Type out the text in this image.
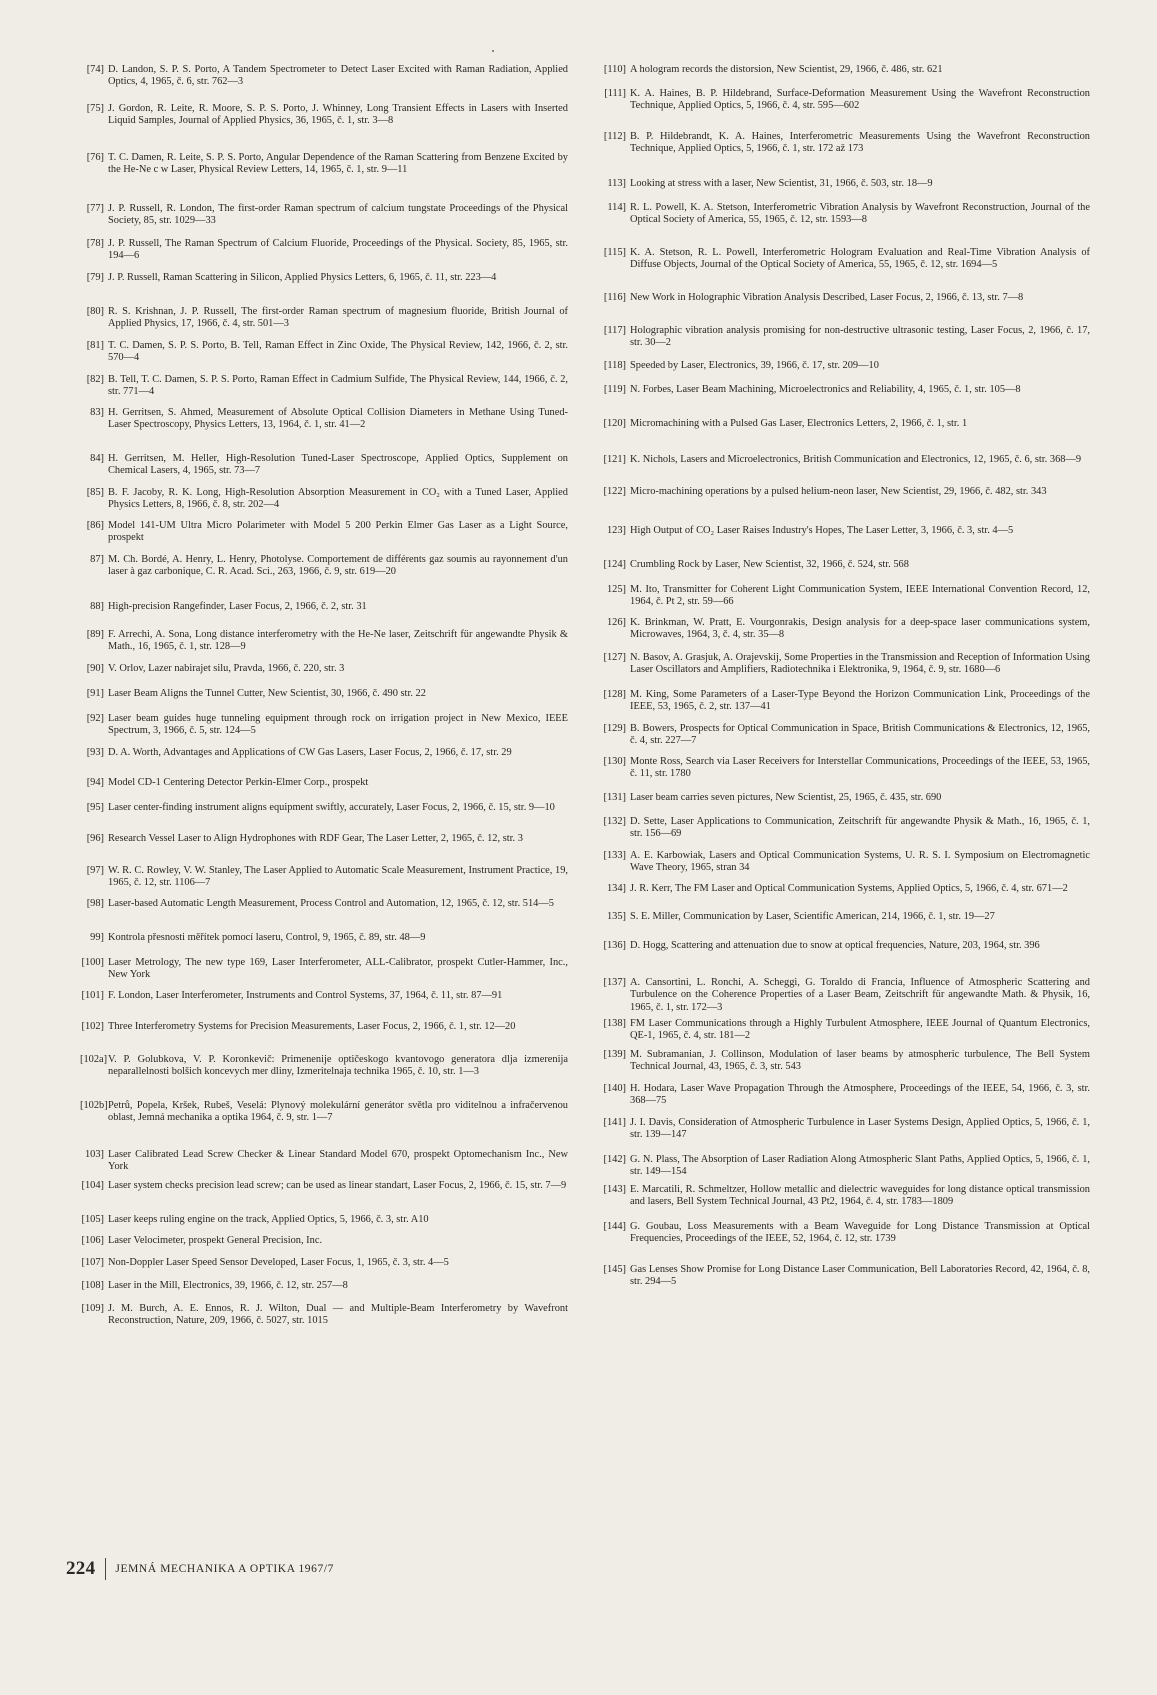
[74] D. Landon, S. P. S. Porto, A Tandem Spectrometer to Detect Laser Excited with Raman Radiation, Applied Optics, 4, 1965, č. 6, str. 762—3
[75] J. Gordon, R. Leite, R. Moore, S. P. S. Porto, J. Whinney, Long Transient Effects in Lasers with Inserted Liquid Samples, Journal of Applied Physics, 36, 1965, č. 1, str. 3—8
[76] T. C. Damen, R. Leite, S. P. S. Porto, Angular Dependence of the Raman Scattering from Benzene Excited by the He-Ne c w Laser, Physical Review Letters, 14, 1965, č. 1, str. 9—11
[77] J. P. Russell, R. London, The first-order Raman spectrum of calcium tungstate Proceedings of the Physical Society, 85, str. 1029—33
[78] J. P. Russell, The Raman Spectrum of Calcium Fluoride, Proceedings of the Physical. Society, 85, 1965, str. 194—6
[79] J. P. Russell, Raman Scattering in Silicon, Applied Physics Letters, 6, 1965, č. 11, str. 223—4
[80] R. S. Krishnan, J. P. Russell, The first-order Raman spectrum of magnesium fluoride, British Journal of Applied Physics, 17, 1966, č. 4, str. 501—3
[81] T. C. Damen, S. P. S. Porto, B. Tell, Raman Effect in Zinc Oxide, The Physical Review, 142, 1966, č. 2, str. 570—4
[82] B. Tell, T. C. Damen, S. P. S. Porto, Raman Effect in Cadmium Sulfide, The Physical Review, 144, 1966, č. 2, str. 771—4
83] H. Gerritsen, S. Ahmed, Measurement of Absolute Optical Collision Diameters in Methane Using Tuned-Laser Spectroscopy, Physics Letters, 13, 1964, č. 1, str. 41—2
84] H. Gerritsen, M. Heller, High-Resolution Tuned-Laser Spectroscope, Applied Optics, Supplement on Chemical Lasers, 4, 1965, str. 73—7
[85] B. F. Jacoby, R. K. Long, High-Resolution Absorption Measurement in CO₂ with a Tuned Laser, Applied Physics Letters, 8, 1966, č. 8, str. 202—4
[86] Model 141-UM Ultra Micro Polarimeter with Model 5 200 Perkin Elmer Gas Laser as a Light Source, prospekt
87] M. Ch. Bordé, A. Henry, L. Henry, Photolyse. Comportement de différents gaz soumis au rayonnement d'un laser à gaz carbonique, C. R. Acad. Sci., 263, 1966, č. 9, str. 619—20
88] High-precision Rangefinder, Laser Focus, 2, 1966, č. 2, str. 31
[89] F. Arrechi, A. Sona, Long distance interferometry with the He-Ne laser, Zeitschrift für angewandte Physik & Math., 16, 1965, č. 1, str. 128—9
[90] V. Orlov, Lazer nabirajet silu, Pravda, 1966, č. 220, str. 3
[91] Laser Beam Aligns the Tunnel Cutter, New Scientist, 30, 1966, č. 490 str. 22
[92] Laser beam guides huge tunneling equipment through rock on irrigation project in New Mexico, IEEE Spectrum, 3, 1966, č. 5, str. 124—5
[93] D. A. Worth, Advantages and Applications of CW Gas Lasers, Laser Focus, 2, 1966, č. 17, str. 29
[94] Model CD-1 Centering Detector Perkin-Elmer Corp., prospekt
[95] Laser center-finding instrument aligns equipment swiftly, accurately, Laser Focus, 2, 1966, č. 15, str. 9—10
[96] Research Vessel Laser to Align Hydrophones with RDF Gear, The Laser Letter, 2, 1965, č. 12, str. 3
[97] W. R. C. Rowley, V. W. Stanley, The Laser Applied to Automatic Scale Measurement, Instrument Practice, 19, 1965, č. 12, str. 1106—7
[98] Laser-based Automatic Length Measurement, Process Control and Automation, 12, 1965, č. 12, str. 514—5
99] Kontrola přesnosti měřítek pomocí laseru, Control, 9, 1965, č. 89, str. 48—9
[100] Laser Metrology, The new type 169, Laser Interferometer, ALL-Calibrator, prospekt Cutler-Hammer, Inc., New York
[101] F. London, Laser Interferometer, Instruments and Control Systems, 37, 1964, č. 11, str. 87—91
[102] Three Interferometry Systems for Precision Measurements, Laser Focus, 2, 1966, č. 1, str. 12—20
[102a] V. P. Golubkova, V. P. Koronkevič: Primenenije optičeskogo kvantovogo generatora dlja izmerenija neparallelnosti bolšich koncevych mer dliny, Izmeritelnaja technika 1965, č. 10, str. 1—3
[102b] Petrů, Popela, Kršek, Rubeš, Veselá: Plynový molekulární generátor světla pro viditelnou a infračervenou oblast, Jemná mechanika a optika 1964, č. 9, str. 1—7
103] Laser Calibrated Lead Screw Checker & Linear Standard Model 670, prospekt Optomechanism Inc., New York
[104] Laser system checks precision lead screw; can be used as linear standart, Laser Focus, 2, 1966, č. 15, str. 7—9
[105] Laser keeps ruling engine on the track, Applied Optics, 5, 1966, č. 3, str. A10
[106] Laser Velocimeter, prospekt General Precision, Inc.
[107] Non-Doppler Laser Speed Sensor Developed, Laser Focus, 1, 1965, č. 3, str. 4—5
[108] Laser in the Mill, Electronics, 39, 1966, č. 12, str. 257—8
[109] J. M. Burch, A. E. Ennos, R. J. Wilton, Dual — and Multiple-Beam Interferometry by Wavefront Reconstruction, Nature, 209, 1966, č. 5027, str. 1015
[110] A hologram records the distorsion, New Scientist, 29, 1966, č. 486, str. 621
[111] K. A. Haines, B. P. Hildebrand, Surface-Deformation Measurement Using the Wavefront Reconstruction Technique, Applied Optics, 5, 1966, č. 4, str. 595—602
[112] B. P. Hildebrandt, K. A. Haines, Interferometric Measurements Using the Wavefront Reconstruction Technique, Applied Optics, 5, 1966, č. 1, str. 172 až 173
113] Looking at stress with a laser, New Scientist, 31, 1966, č. 503, str. 18—9
114] R. L. Powell, K. A. Stetson, Interferometric Vibration Analysis by Wavefront Reconstruction, Journal of the Optical Society of America, 55, 1965, č. 12, str. 1593—8
[115] K. A. Stetson, R. L. Powell, Interferometric Hologram Evaluation and Real-Time Vibration Analysis of Diffuse Objects, Journal of the Optical Society of America, 55, 1965, č. 12, str. 1694—5
[116] New Work in Holographic Vibration Analysis Described, Laser Focus, 2, 1966, č. 13, str. 7—8
[117] Holographic vibration analysis promising for non-destructive ultrasonic testing, Laser Focus, 2, 1966, č. 17, str. 30—2
[118] Speeded by Laser, Electronics, 39, 1966, č. 17, str. 209—10
[119] N. Forbes, Laser Beam Machining, Microelectronics and Reliability, 4, 1965, č. 1, str. 105—8
[120] Micromachining with a Pulsed Gas Laser, Electronics Letters, 2, 1966, č. 1, str. 1
[121] K. Nichols, Lasers and Microelectronics, British Communication and Electronics, 12, 1965, č. 6, str. 368—9
[122] Micro-machining operations by a pulsed helium-neon laser, New Scientist, 29, 1966, č. 482, str. 343
123] High Output of CO₂ Laser Raises Industry's Hopes, The Laser Letter, 3, 1966, č. 3, str. 4—5
[124] Crumbling Rock by Laser, New Scientist, 32, 1966, č. 524, str. 568
125] M. Ito, Transmitter for Coherent Light Communication System, IEEE International Convention Record, 12, 1964, č. Pt 2, str. 59—66
126] K. Brinkman, W. Pratt, E. Vourgonrakis, Design analysis for a deep-space laser communications system, Microwaves, 1964, 3, č. 4, str. 35—8
[127] N. Basov, A. Grasjuk, A. Orajevskij, Some Properties in the Transmission and Reception of Information Using Laser Oscillators and Amplifiers, Radiotechnika i Elektronika, 9, 1964, č. 9, str. 1680—6
[128] M. King, Some Parameters of a Laser-Type Beyond the Horizon Communication Link, Proceedings of the IEEE, 53, 1965, č. 2, str. 137—41
[129] B. Bowers, Prospects for Optical Communication in Space, British Communications & Electronics, 12, 1965, č. 4, str. 227—7
[130] Monte Ross, Search via Laser Receivers for Interstellar Communications, Proceedings of the IEEE, 53, 1965, č. 11, str. 1780
[131] Laser beam carries seven pictures, New Scientist, 25, 1965, č. 435, str. 690
[132] D. Sette, Laser Applications to Communication, Zeitschrift für angewandte Physik & Math., 16, 1965, č. 1, str. 156—69
[133] A. E. Karbowiak, Lasers and Optical Communication Systems, U. R. S. I. Symposium on Electromagnetic Wave Theory, 1965, stran 34
134] J. R. Kerr, The FM Laser and Optical Communication Systems, Applied Optics, 5, 1966, č. 4, str. 671—2
135] S. E. Miller, Communication by Laser, Scientific American, 214, 1966, č. 1, str. 19—27
[136] D. Hogg, Scattering and attenuation due to snow at optical frequencies, Nature, 203, 1964, str. 396
[137] A. Cansortini, L. Ronchi, A. Scheggi, G. Toraldo di Francia, Influence of Atmospheric Scattering and Turbulence on the Coherence Properties of a Laser Beam, Zeitschrift für angewandte Math. & Physik, 16, 1965, č. 1, str. 172—3
[138] FM Laser Communications through a Highly Turbulent Atmosphere, IEEE Journal of Quantum Electronics, QE-1, 1965, č. 4, str. 181—2
[139] M. Subramanian, J. Collinson, Modulation of laser beams by atmospheric turbulence, The Bell System Technical Journal, 43, 1965, č. 3, str. 543
[140] H. Hodara, Laser Wave Propagation Through the Atmosphere, Proceedings of the IEEE, 54, 1966, č. 3, str. 368—75
[141] J. I. Davis, Consideration of Atmospheric Turbulence in Laser Systems Design, Applied Optics, 5, 1966, č. 1, str. 139—147
[142] G. N. Plass, The Absorption of Laser Radiation Along Atmospheric Slant Paths, Applied Optics, 5, 1966, č. 1, str. 149—154
[143] E. Marcatili, R. Schmeltzer, Hollow metallic and dielectric waveguides for long distance optical transmission and lasers, Bell System Technical Journal, 43 Pt2, 1964, č. 4, str. 1783—1809
[144] G. Goubau, Loss Measurements with a Beam Waveguide for Long Distance Transmission at Optical Frequencies, Proceedings of the IEEE, 52, 1964, č. 12, str. 1739
[145] Gas Lenses Show Promise for Long Distance Laser Communication, Bell Laboratories Record, 42, 1964, č. 8, str. 294—5
224 JEMNÁ MECHANIKA A OPTIKA 1967/7
